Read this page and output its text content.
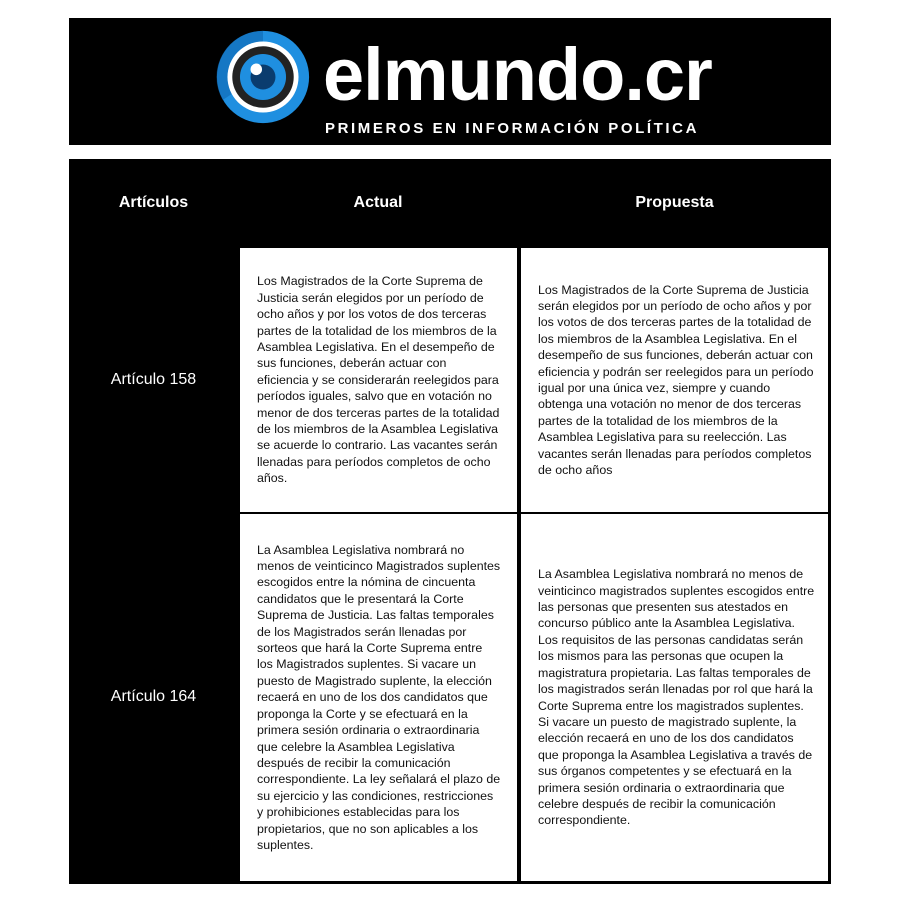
elmundo.cr
PRIMEROS EN INFORMACIÓN POLÍTICA
Artículos	Actual	Propuesta
Artículo 158

Los Magistrados de la Corte Suprema de Justicia serán elegidos por un período de ocho años y por los votos de dos terceras partes de la totalidad de los miembros de la Asamblea Legislativa. En el desempeño de sus funciones, deberán actuar con eficiencia y se considerarán reelegidos para períodos iguales, salvo que en votación no menor de dos terceras partes de la totalidad de los miembros de la Asamblea Legislativa se acuerde lo contrario. Las vacantes serán llenadas para períodos completos de ocho años.

Los Magistrados de la Corte Suprema de Justicia serán elegidos por un período de ocho años y por los votos de dos terceras partes de la totalidad de los miembros de la Asamblea Legislativa. En el desempeño de sus funciones, deberán actuar con eficiencia y podrán ser reelegidos para un período igual por una única vez, siempre y cuando obtenga una votación no menor de dos terceras partes de la totalidad de los miembros de la Asamblea Legislativa para su reelección. Las vacantes serán llenadas para períodos completos de ocho años

Artículo 164

La Asamblea Legislativa nombrará no menos de veinticinco Magistrados suplentes escogidos entre la nómina de cincuenta candidatos que le presentará la Corte Suprema de Justicia. Las faltas temporales de los Magistrados serán llenadas por sorteos que hará la Corte Suprema entre los Magistrados suplentes. Si vacare un puesto de Magistrado suplente, la elección recaerá en uno de los dos candidatos que proponga la Corte y se efectuará en la primera sesión ordinaria o extraordinaria que celebre la Asamblea Legislativa después de recibir la comunicación correspondiente. La ley señalará el plazo de su ejercicio y las condiciones, restricciones y prohibiciones establecidas para los propietarios, que no son aplicables a los suplentes.

La Asamblea Legislativa nombrará no menos de veinticinco magistrados suplentes escogidos entre las personas que presenten sus atestados en concurso público ante la Asamblea Legislativa. Los requisitos de las personas candidatas serán los mismos para las personas que ocupen la magistratura propietaria. Las faltas temporales de los magistrados serán llenadas por rol que hará la Corte Suprema entre los magistrados suplentes. Si vacare un puesto de magistrado suplente, la elección recaerá en uno de los dos candidatos que proponga la Asamblea Legislativa a través de sus órganos competentes y se efectuará en la primera sesión ordinaria o extraordinaria que celebre después de recibir la comunicación correspondiente.
